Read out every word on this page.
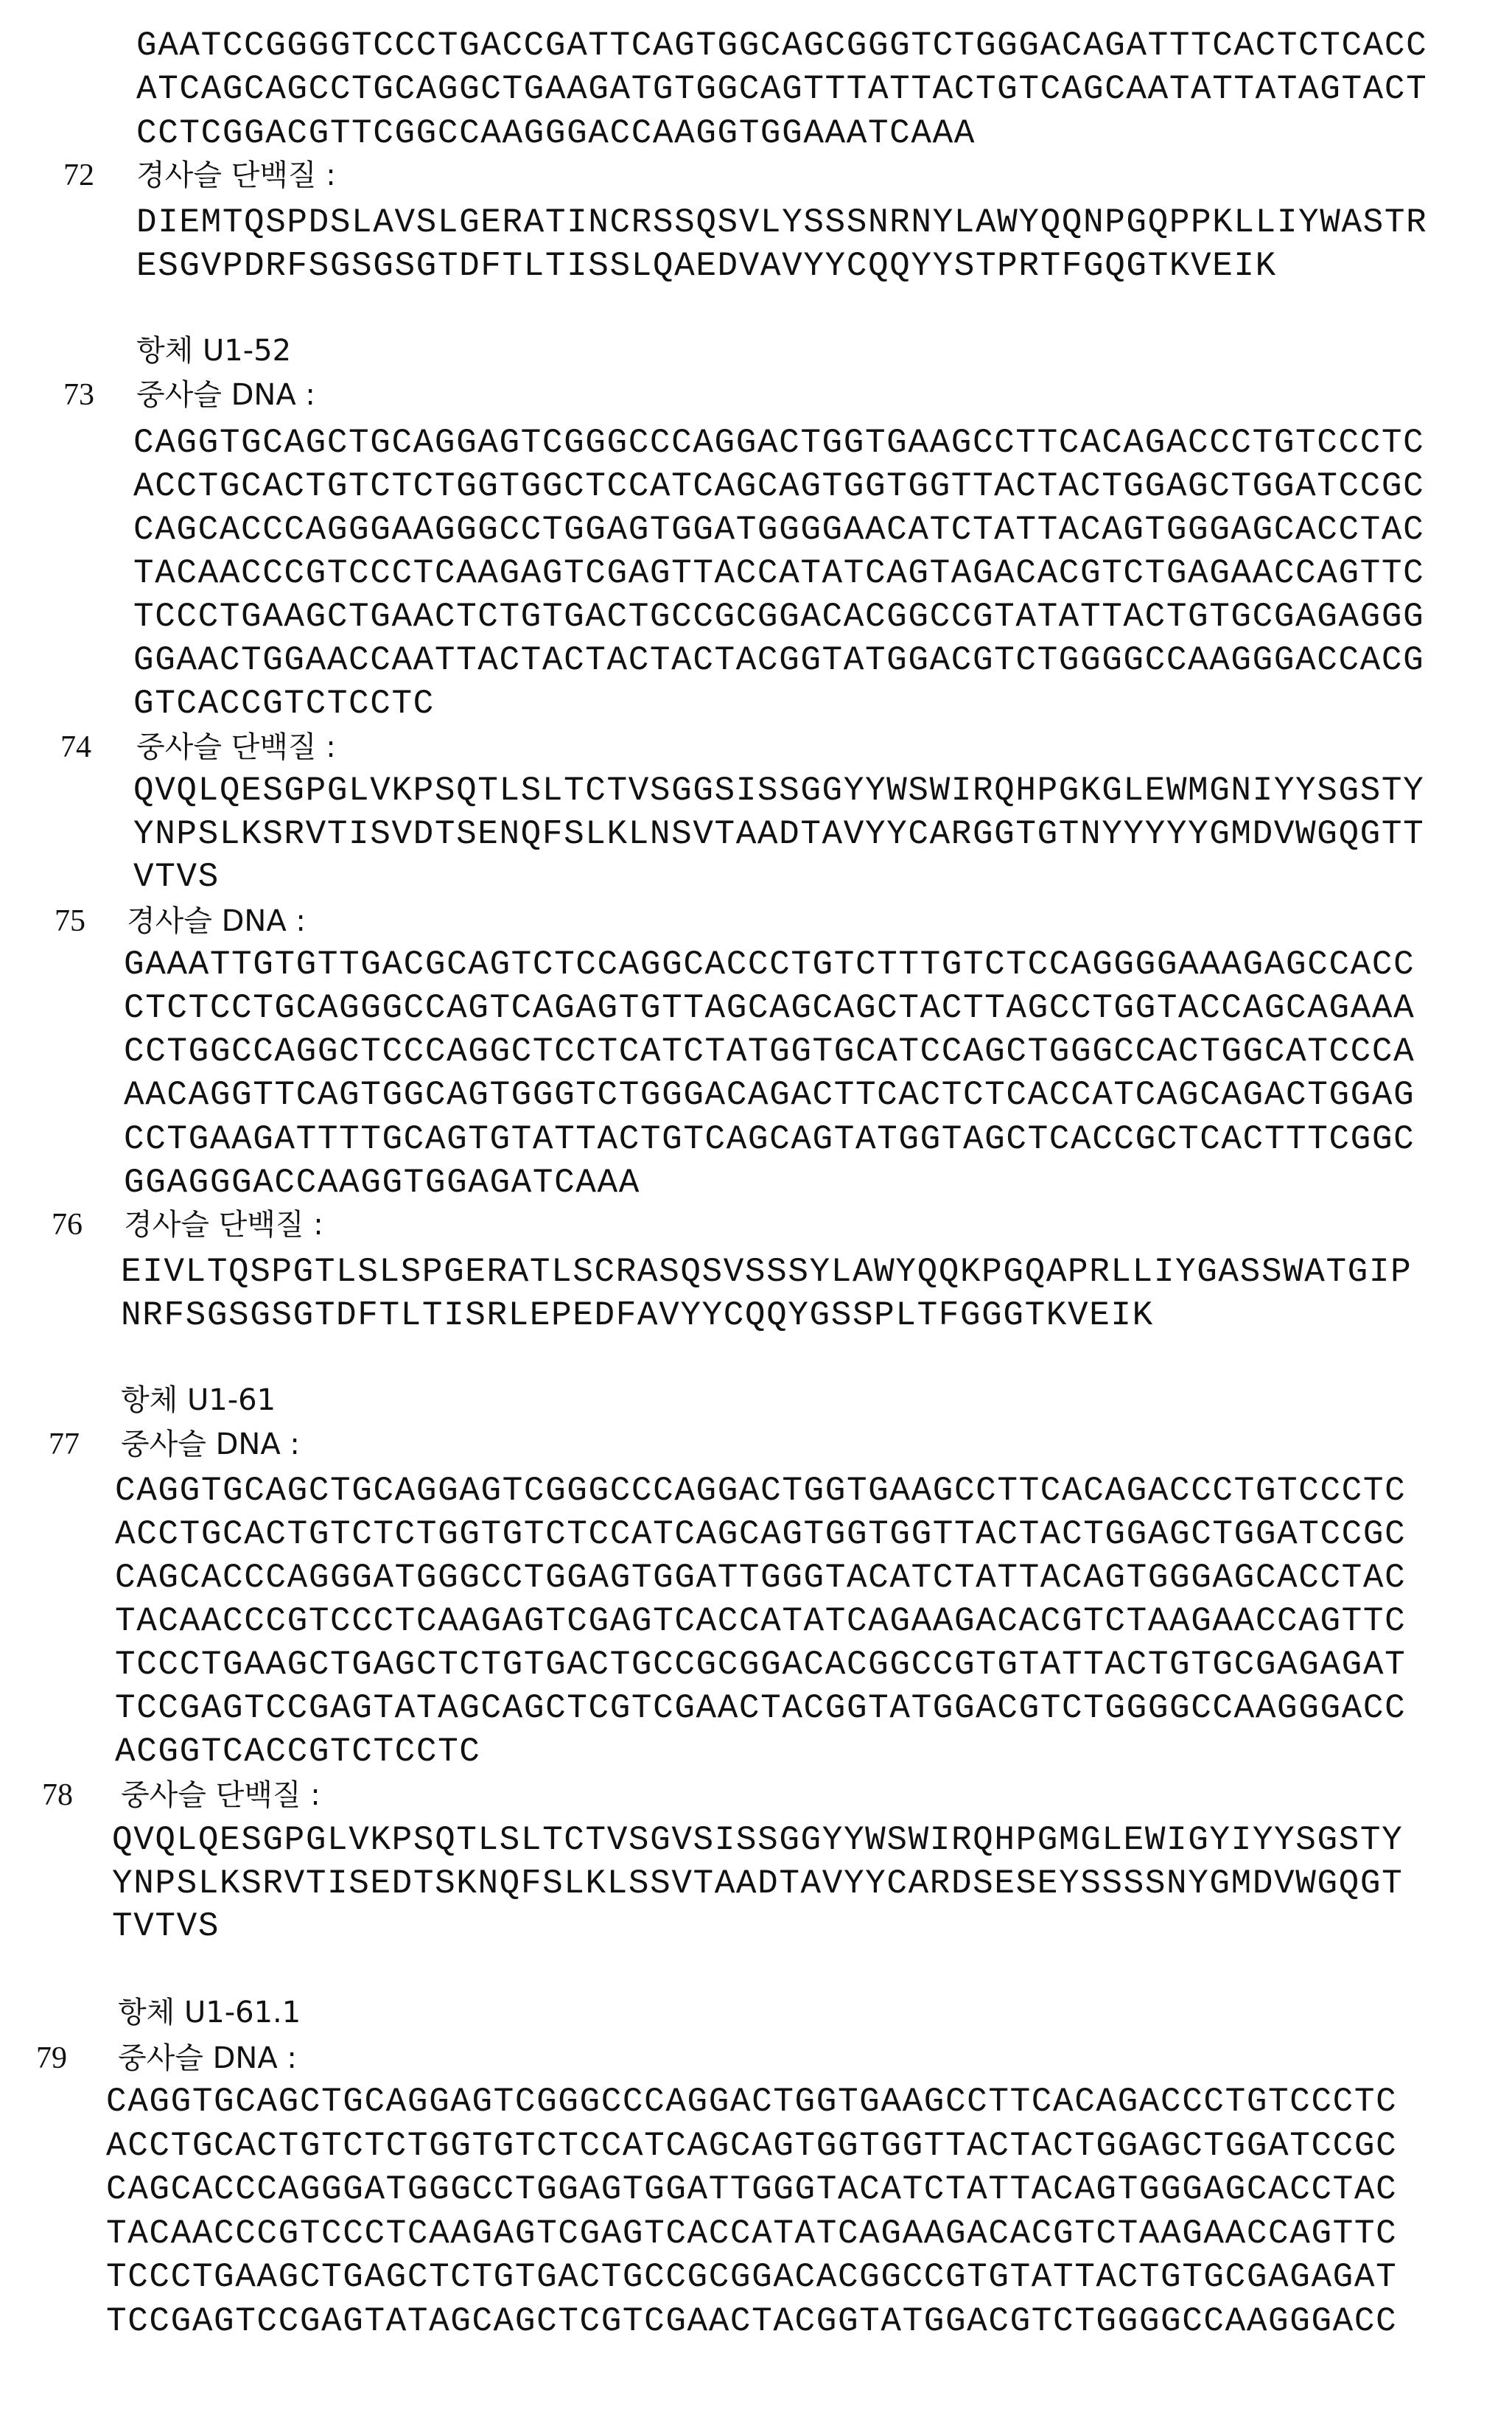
GAATCCGGGGTCCCTGACCGATTCAGTGGCAGCGGGTCTGGGACAGATTTCACTCTCACC
ATCAGCAGCCTGCAGGCTGAAGATGTGGCAGTTTATTACTGTCAGCAATATTATAGTACT
CCTCGGACGTTCGGCCAAGGGACCAAGGTGGAAATCAAA
72 경사슬 단백질 :
DIEMTQSPDSLAVSLGERATINCRSSQSVLYSSSNRNYLAWYQQNPGQPPKLLIYWASTR
ESGVPDRFSGSGSGTDFTLTISSLQAEDVAVYYCQQYYSTPRTFGQGTKVEIK
항체 U1-52
73 중사슬 DNA :
CAGGTGCAGCTGCAGGAGTCGGGCCCAGGACTGGTGAAGCCTTCACAGACCCTGTCCCTC
ACCTGCACTGTCTCTGGTGGCTCCATCAGCAGTGGTGGTTACTACTGGAGCTGGATCCGC
CAGCACCCAGGGAAGGGCCTGGAGTGGATGGGGAACATCTATTACAGTGGGAGCACCTAC
TACAACCCGTCCCTCAAGAGTCGAGTTACCATATCAGTAGACACGTCTGAGAACCAGTTC
TCCCTGAAGCTGAACTCTGTGACTGCCGCGGACACGGCCGTATATTACTGTGCGAGAGGG
GGAACTGGAACCAATTACTACTACTACTACGGTATGGACGTCTGGGGCCAAGGGACCACG
GTCACCGTCTCCTC
74 중사슬 단백질 :
QVQLQESGPGLVKPSQTLSLTCTVSGGSISSGGYYWSWIRQHPGKGLEWMGNIYYSGSTY
YNPSLKSRVTISVDTSENQFSLKLNSVTAADTAVYYCARGGTGTNYYYYYGMDVWGQGTT
VTVS
75 경사슬 DNA :
GAAATTGTGTTGACGCAGTCTCCAGGCACCCTGTCTTTGTCTCCAGGGGAAAGAGCCACC
CTCTCCTGCAGGGCCAGTCAGAGTGTTAGCAGCAGCTACTTAGCCTGGTACCAGCAGAAA
CCTGGCCAGGCTCCCAGGCTCCTCATCTATGGTGCATCCAGCTGGGCCACTGGCATCCCA
AACAGGTTCAGTGGCAGTGGGTCTGGGACAGACTTCACTCTCACCATCAGCAGACTGGAG
CCTGAAGATTTTGCAGTGTATTACTGTCAGCAGTATGGTAGCTCACCGCTCACTTTCGGC
GGAGGGACCAAGGTGGAGATCAAA
76 경사슬 단백질 :
EIVLTQSPGTLSLSPGERATLSCRASQSVSSSYLAWYQQKPGQAPRLLIYGASSWATGIP
NRFSGSGSGTDFTLTISRLEPEDFAVYYCQQYGSSPLTFGGGTKVEIK
항체 U1-61
77 중사슬 DNA :
CAGGTGCAGCTGCAGGAGTCGGGCCCAGGACTGGTGAAGCCTTCACAGACCCTGTCCCTC
ACCTGCACTGTCTCTGGTGTCTCCATCAGCAGTGGTGGTTACTACTGGAGCTGGATCCGC
CAGCACCCAGGGATGGGCCTGGAGTGGATTGGGTACATCTATTACAGTGGGAGCACCTAC
TACAACCCGTCCCTCAAGAGTCGAGTCACCATATCAGAAGACACGTCTAAGAACCAGTTC
TCCCTGAAGCTGAGCTCTGTGACTGCCGCGGACACGGCCGTGTATTACTGTGCGAGAGAT
TCCGAGTCCGAGTATAGCAGCTCGTCGAACTACGGTATGGACGTCTGGGGCCAAGGGACC
ACGGTCACCGTCTCCTC
78 중사슬 단백질 :
QVQLQESGPGLVKPSQTLSLTCTVSGVSISSGGYYWSWIRQHPGMGLEWIGYIYYSGSTY
YNPSLKSRVTISEDTSKNQFSLKLSSVTAADTAVYYCARDSESEYSSSSNYGMDVWGQGT
TVTVS
항체 U1-61.1
79 중사슬 DNA :
CAGGTGCAGCTGCAGGAGTCGGGCCCAGGACTGGTGAAGCCTTCACAGACCCTGTCCCTC
ACCTGCACTGTCTCTGGTGTCTCCATCAGCAGTGGTGGTTACTACTGGAGCTGGATCCGC
CAGCACCCAGGGATGGGCCTGGAGTGGATTGGGTACATCTATTACAGTGGGAGCACCTAC
TACAACCCGTCCCTCAAGAGTCGAGTCACCATATCAGAAGACACGTCTAAGAACCAGTTC
TCCCTGAAGCTGAGCTCTGTGACTGCCGCGGACACGGCCGTGTATTACTGTGCGAGAGAT
TCCGAGTCCGAGTATAGCAGCTCGTCGAACTACGGTATGGACGTCTGGGGCCAAGGGACC
